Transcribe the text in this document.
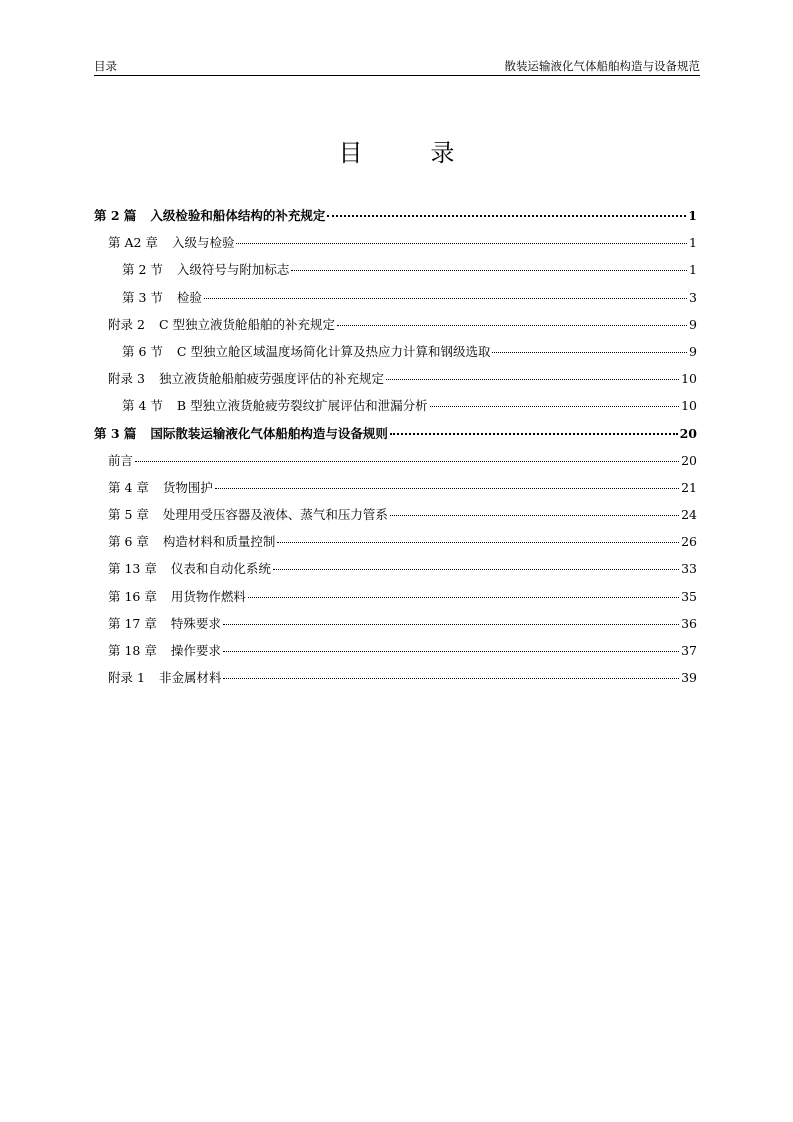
目录	散装运输液化气体船舶构造与设备规范
目　录
第 2 篇 入级检验和船体结构的补充规定	1
第 A2 章 入级与检验	1
第 2 节 入级符号与附加标志	1
第 3 节 检验	3
附录 2 C 型独立液货舱船舶的补充规定	9
第 6 节 C 型独立舱区域温度场简化计算及热应力计算和钢级选取	9
附录 3 独立液货舱船舶疲劳强度评估的补充规定	10
第 4 节 B 型独立液货舱疲劳裂纹扩展评估和泄漏分析	10
第 3 篇 国际散装运输液化气体船舶构造与设备规则	20
前言	20
第 4 章 货物围护	21
第 5 章 处理用受压容器及液体、蒸气和压力管系	24
第 6 章 构造材料和质量控制	26
第 13 章 仪表和自动化系统	33
第 16 章 用货物作燃料	35
第 17 章 特殊要求	36
第 18 章 操作要求	37
附录 1 非金属材料	39
